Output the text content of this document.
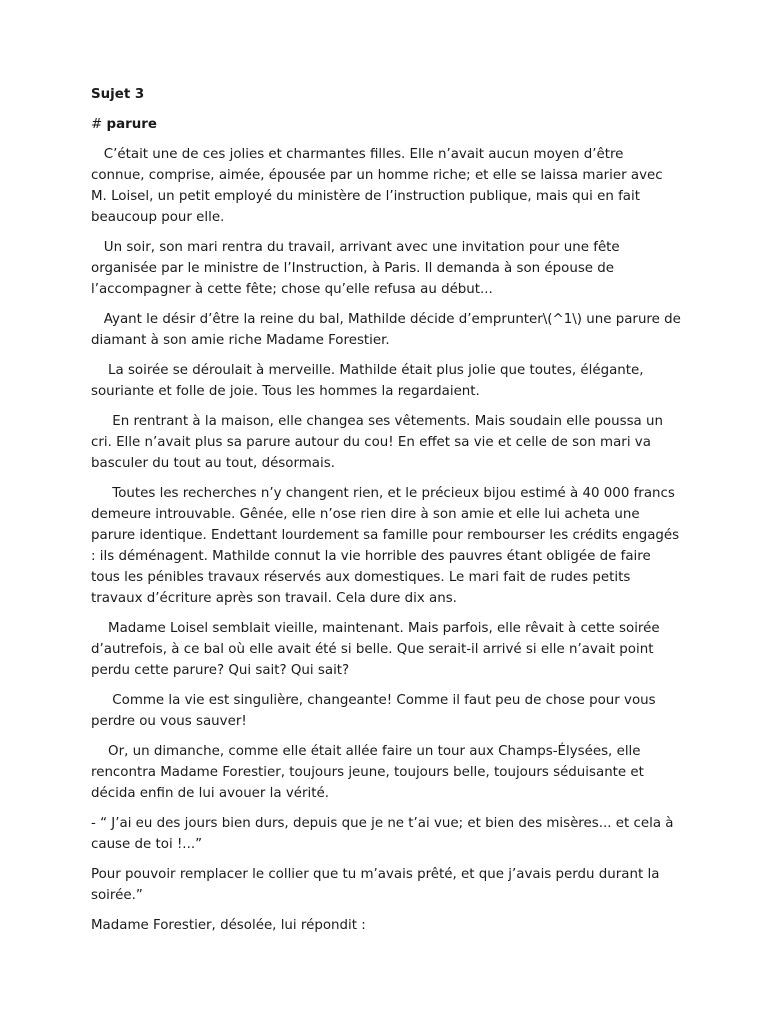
Sujet 3

# parure

C’était une de ces jolies et charmantes filles. Elle n’avait aucun moyen d’être connue, comprise, aimée, épousée par un homme riche; et elle se laissa marier avec M. Loisel, un petit employé du ministère de l’instruction publique, mais qui en fait beaucoup pour elle.

Un soir, son mari rentra du travail, arrivant avec une invitation pour une fête organisée par le ministre de l’Instruction, à Paris. Il demanda à son épouse de l’accompagner à cette fête; chose qu’elle refusa au début...

Ayant le désir d’être la reine du bal, Mathilde décide d’emprunter\(^1\) une parure de diamant à son amie riche Madame Forestier.

La soirée se déroulait à merveille. Mathilde était plus jolie que toutes, élégante, souriante et folle de joie. Tous les hommes la regardaient.

En rentrant à la maison, elle changea ses vêtements. Mais soudain elle poussa un cri. Elle n’avait plus sa parure autour du cou! En effet sa vie et celle de son mari va basculer du tout au tout, désormais.

Toutes les recherches n’y changent rien, et le précieux bijou estimé à 40 000 francs demeure introuvable. Gênée, elle n’ose rien dire à son amie et elle lui acheta une parure identique. Endettant lourdement sa famille pour rembourser les crédits engagés : ils déménagent. Mathilde connut la vie horrible des pauvres étant obligée de faire tous les pénibles travaux réservés aux domestiques. Le mari fait de rudes petits travaux d’écriture après son travail. Cela dure dix ans.

Madame Loisel semblait vieille, maintenant. Mais parfois, elle rêvait à cette soirée d’autrefois, à ce bal où elle avait été si belle. Que serait-il arrivé si elle n’avait point perdu cette parure? Qui sait? Qui sait?

Comme la vie est singulière, changeante! Comme il faut peu de chose pour vous perdre ou vous sauver!

Or, un dimanche, comme elle était allée faire un tour aux Champs-Élysées, elle rencontra Madame Forestier, toujours jeune, toujours belle, toujours séduisante et décida enfin de lui avouer la vérité.

- “ J’ai eu des jours bien durs, depuis que je ne t’ai vue; et bien des misères... et cela à cause de toi !...”

Pour pouvoir remplacer le collier que tu m’avais prêté, et que j’avais perdu durant la soirée.”

Madame Forestier, désolée, lui répondit :
